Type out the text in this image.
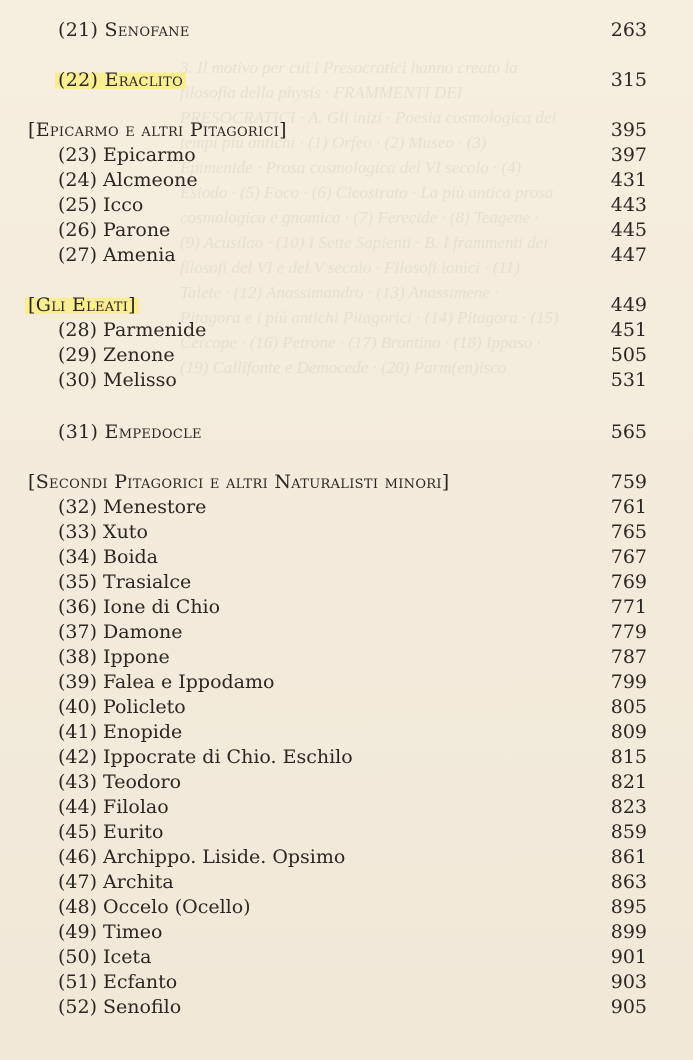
3. Il motivo per cui i Presocratici hanno creato la filosofia della physis · FRAMMENTI DEI PRESOCRATICI · A. Gli inizi · Poesia cosmologica dei tempi più antichi · (1) Orfeo · (2) Museo · (3) Epimenide · Prosa cosmologica del VI secolo · (4) Esiodo · (5) Foco · (6) Cleostrato · La più antica prosa cosmologica e gnomica · (7) Ferecide · (8) Teagene · (9) Acusilao · (10) I Sette Sapienti · B. I frammenti dei filosofi del VI e del V secolo · Filosofi ionici · (11) Talete · (12) Anassimandro · (13) Anassimene · Pitagora e i più antichi Pitagorici · (14) Pitagora · (15) Cercope · (16) Petrone · (17) Brontino · (18) Ippaso · (19) Callifonte e Democede · (20) Parm(en)isco
(21) Senofane	263
(22) Eraclito	315
[Epicarmo e altri Pitagorici]	395
(23) Epicarmo	397
(24) Alcmeone	431
(25) Icco	443
(26) Parone	445
(27) Amenia	447
[Gli Eleati]	449
(28) Parmenide	451
(29) Zenone	505
(30) Melisso	531
(31) Empedocle	565
[Secondi Pitagorici e altri Naturalisti minori]	759
(32) Menestore	761
(33) Xuto	765
(34) Boida	767
(35) Trasialce	769
(36) Ione di Chio	771
(37) Damone	779
(38) Ippone	787
(39) Falea e Ippodamo	799
(40) Policleto	805
(41) Enopide	809
(42) Ippocrate di Chio. Eschilo	815
(43) Teodoro	821
(44) Filolao	823
(45) Eurito	859
(46) Archippo. Liside. Opsimo	861
(47) Archita	863
(48) Occelo (Ocello)	895
(49) Timeo	899
(50) Iceta	901
(51) Ecfanto	903
(52) Senofilo	905
